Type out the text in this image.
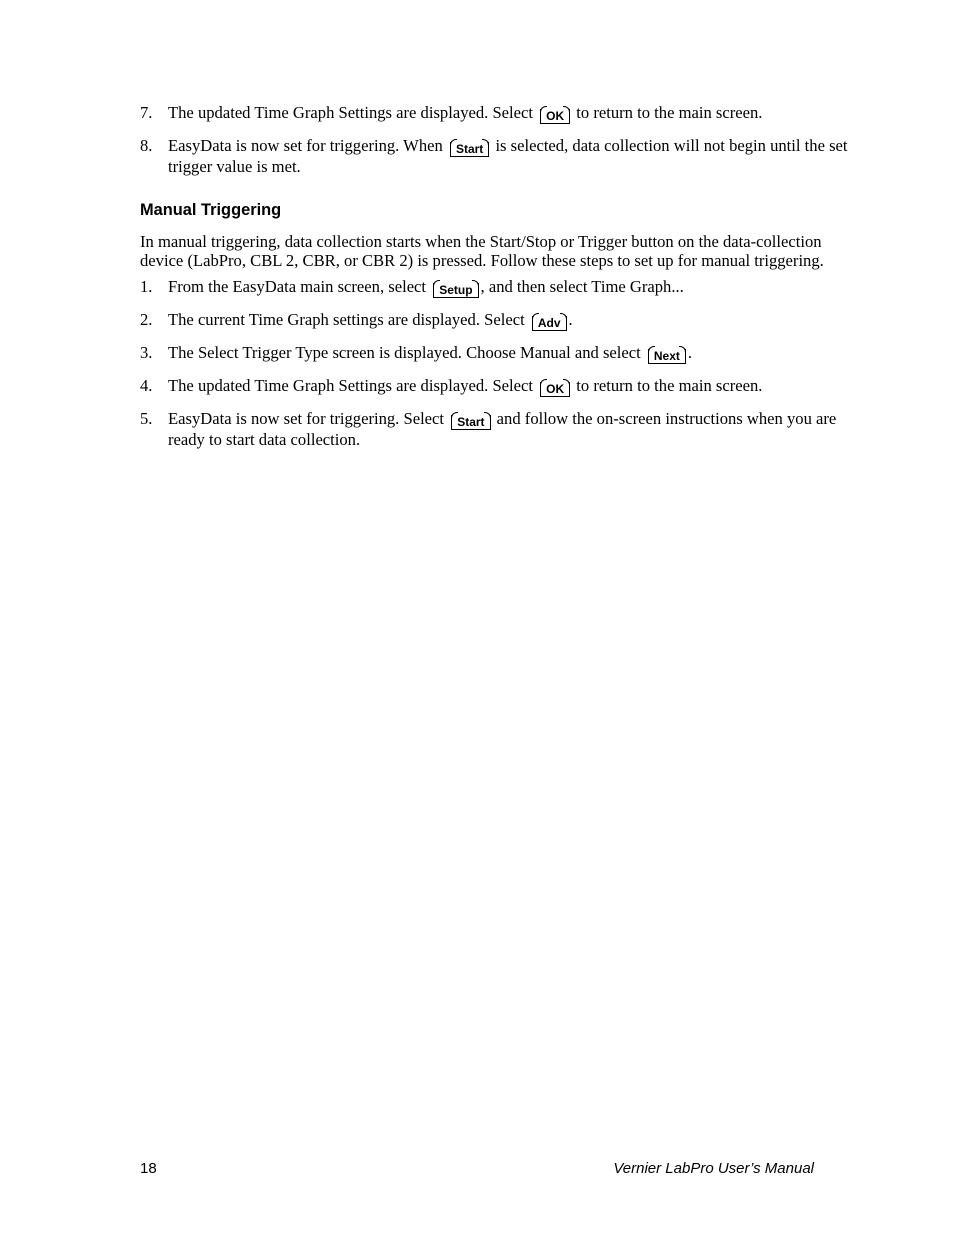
7. The updated Time Graph Settings are displayed. Select OK to return to the main screen.
8. EasyData is now set for triggering. When Start is selected, data collection will not begin until the set trigger value is met.
Manual Triggering

In manual triggering, data collection starts when the Start/Stop or Trigger button on the data-collection device (LabPro, CBL 2, CBR, or CBR 2) is pressed. Follow these steps to set up for manual triggering.

1. From the EasyData main screen, select Setup , and then select Time Graph...
2. The current Time Graph settings are displayed. Select Adv .
3. The Select Trigger Type screen is displayed. Choose Manual and select Next .
4. The updated Time Graph Settings are displayed. Select OK to return to the main screen.
5. EasyData is now set for triggering. Select Start and follow the on-screen instructions when you are ready to start data collection.
18	Vernier LabPro User’s Manual
